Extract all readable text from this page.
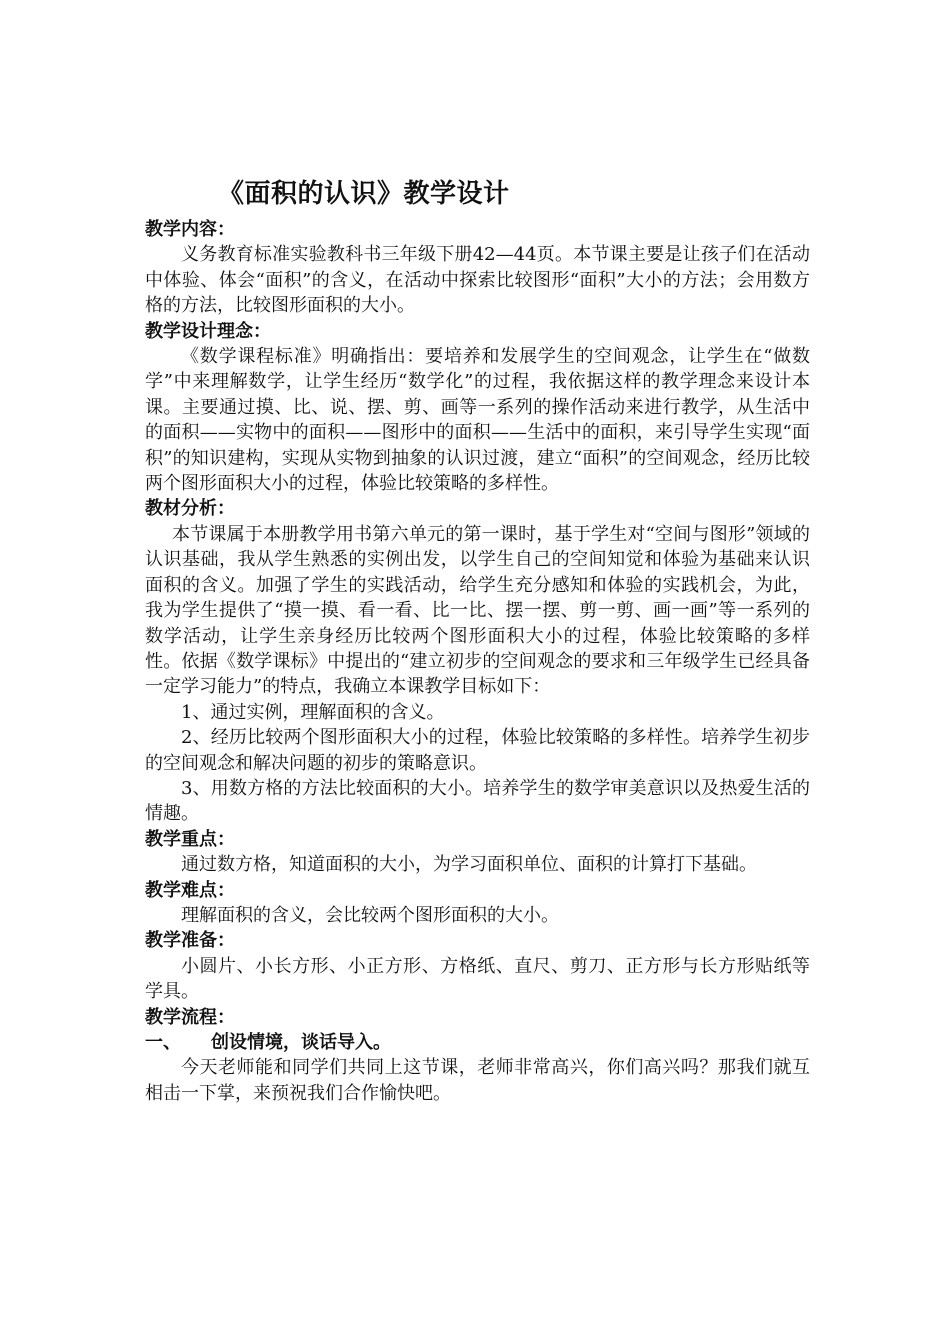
《面积的认识》教学设计
教学内容：

义务教育标准实验教科书三年级下册42—44页。本节课主要是让孩子们在活动中体验、体会“面积”的含义，在活动中探索比较图形“面积”大小的方法；会用数方格的方法，比较图形面积的大小。

教学设计理念：

《数学课程标准》明确指出：要培养和发展学生的空间观念，让学生在“做数学”中来理解数学，让学生经历“数学化”的过程，我依据这样的教学理念来设计本课。主要通过摸、比、说、摆、剪、画等一系列的操作活动来进行教学，从生活中的面积——实物中的面积——图形中的面积——生活中的面积，来引导学生实现“面积”的知识建构，实现从实物到抽象的认识过渡，建立“面积”的空间观念，经历比较两个图形面积大小的过程，体验比较策略的多样性。

教材分析：

本节课属于本册教学用书第六单元的第一课时，基于学生对“空间与图形”领域的认识基础，我从学生熟悉的实例出发，以学生自己的空间知觉和体验为基础来认识面积的含义。加强了学生的实践活动，给学生充分感知和体验的实践机会，为此，我为学生提供了“摸一摸、看一看、比一比、摆一摆、剪一剪、画一画”等一系列的数学活动，让学生亲身经历比较两个图形面积大小的过程，体验比较策略的多样性。依据《数学课标》中提出的“建立初步的空间观念的要求和三年级学生已经具备一定学习能力”的特点，我确立本课教学目标如下：

1、通过实例，理解面积的含义。

2、经历比较两个图形面积大小的过程，体验比较策略的多样性。培养学生初步的空间观念和解决问题的初步的策略意识。

3、用数方格的方法比较面积的大小。培养学生的数学审美意识以及热爱生活的情趣。

教学重点：

通过数方格，知道面积的大小，为学习面积单位、面积的计算打下基础。

教学难点：

理解面积的含义，会比较两个图形面积的大小。

教学准备：

小圆片、小长方形、小正方形、方格纸、直尺、剪刀、正方形与长方形贴纸等学具。

教学流程：
一、 创设情境，谈话导入。

今天老师能和同学们共同上这节课，老师非常高兴，你们高兴吗？那我们就互相击一下掌，来预祝我们合作愉快吧。
